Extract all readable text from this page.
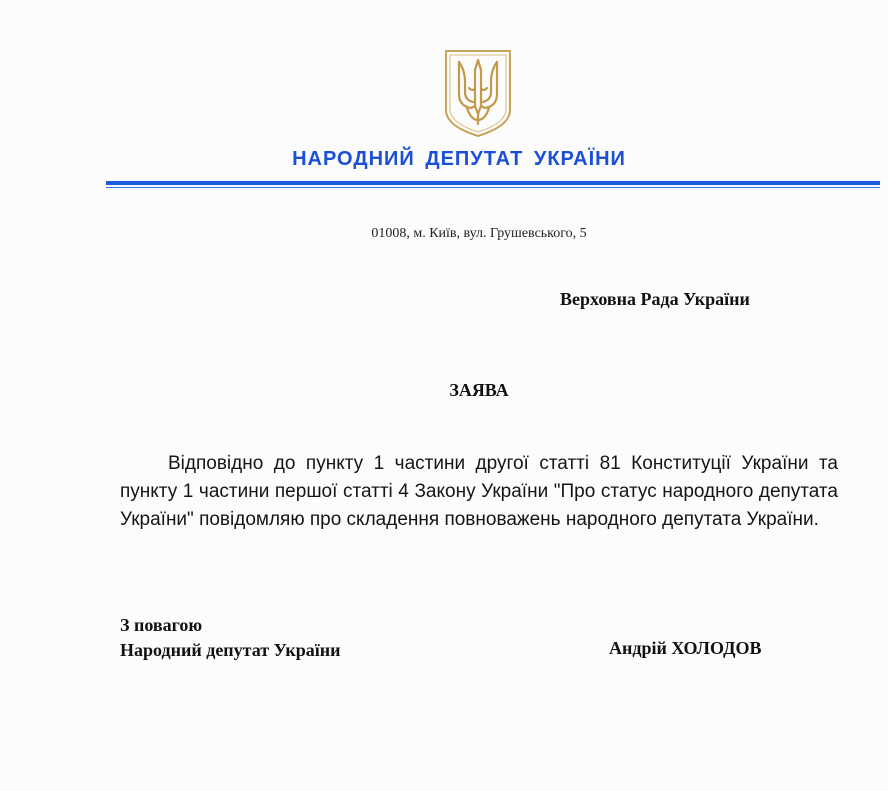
НАРОДНИЙ ДЕПУТАТ УКРАЇНИ
01008, м. Київ, вул. Грушевського, 5
Верховна Рада України
ЗАЯВА
Відповідно до пункту 1 частини другої статті 81 Конституції України та пункту 1 частини першої статті 4 Закону України "Про статус народного депутата України" повідомляю про складення повноважень народного депутата України.
З повагою
Народний депутат України	Андрій ХОЛОДОВ
